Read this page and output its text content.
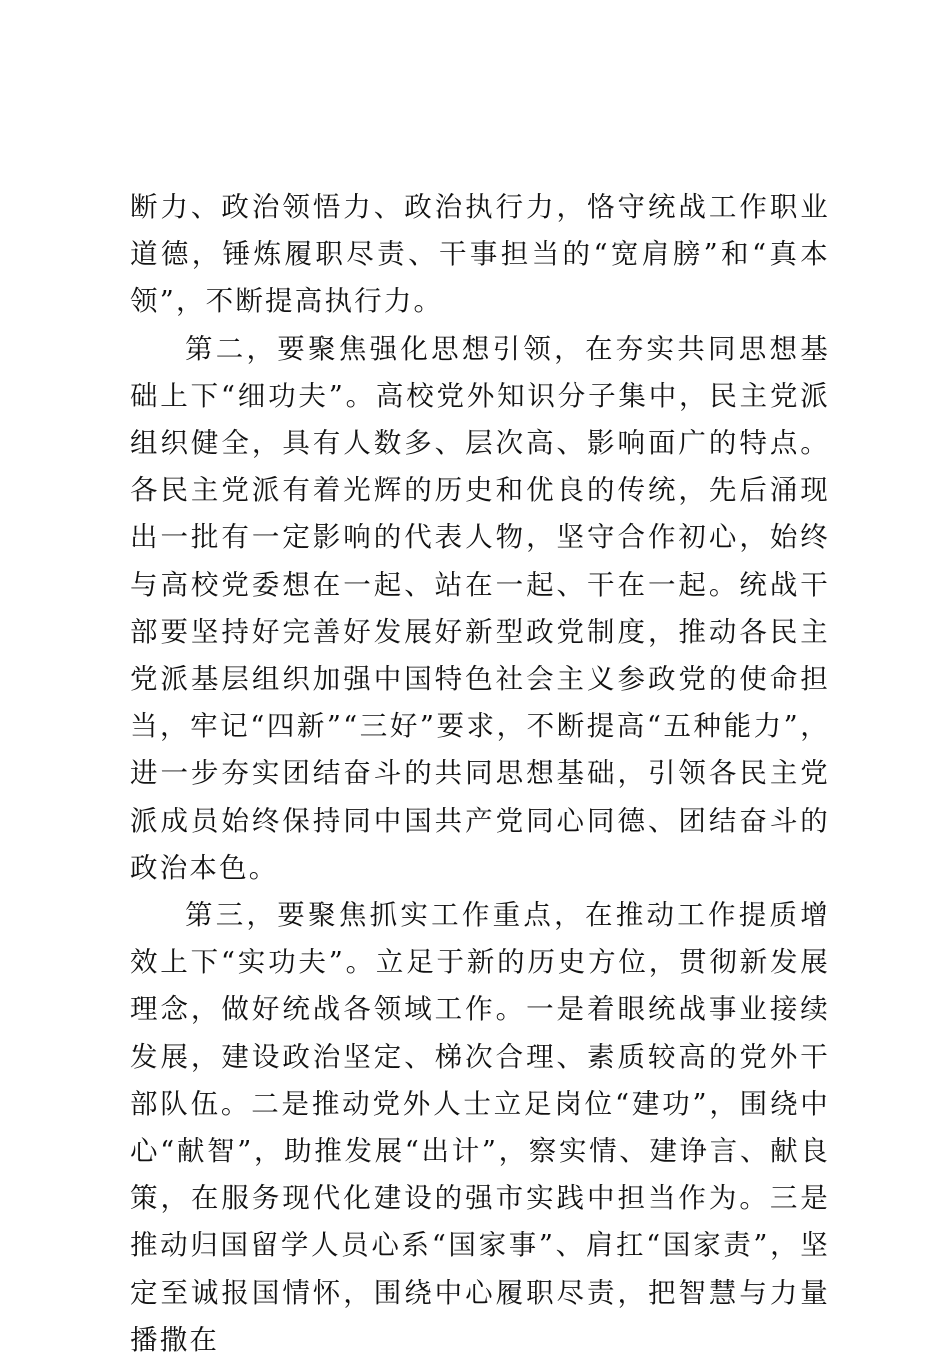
断力、政治领悟力、政治执行力，恪守统战工作职业道德，锤炼履职尽责、干事担当的“宽肩膀”和“真本领”，不断提高执行力。

第二，要聚焦强化思想引领，在夯实共同思想基础上下“细功夫”。高校党外知识分子集中，民主党派组织健全，具有人数多、层次高、影响面广的特点。各民主党派有着光辉的历史和优良的传统，先后涌现出一批有一定影响的代表人物，坚守合作初心，始终与高校党委想在一起、站在一起、干在一起。统战干部要坚持好完善好发展好新型政党制度，推动各民主党派基层组织加强中国特色社会主义参政党的使命担当，牢记“四新”“三好”要求，不断提高“五种能力”，进一步夯实团结奋斗的共同思想基础，引领各民主党派成员始终保持同中国共产党同心同德、团结奋斗的政治本色。

第三，要聚焦抓实工作重点，在推动工作提质增效上下“实功夫”。立足于新的历史方位，贯彻新发展理念，做好统战各领域工作。一是着眼统战事业接续发展，建设政治坚定、梯次合理、素质较高的党外干部队伍。二是推动党外人士立足岗位“建功”，围绕中心“献智”，助推发展“出计”，察实情、建诤言、献良策，在服务现代化建设的强市实践中担当作为。三是推动归国留学人员心系“国家事”、肩扛“国家责”，坚定至诚报国情怀，围绕中心履职尽责，把智慧与力量播撒在
